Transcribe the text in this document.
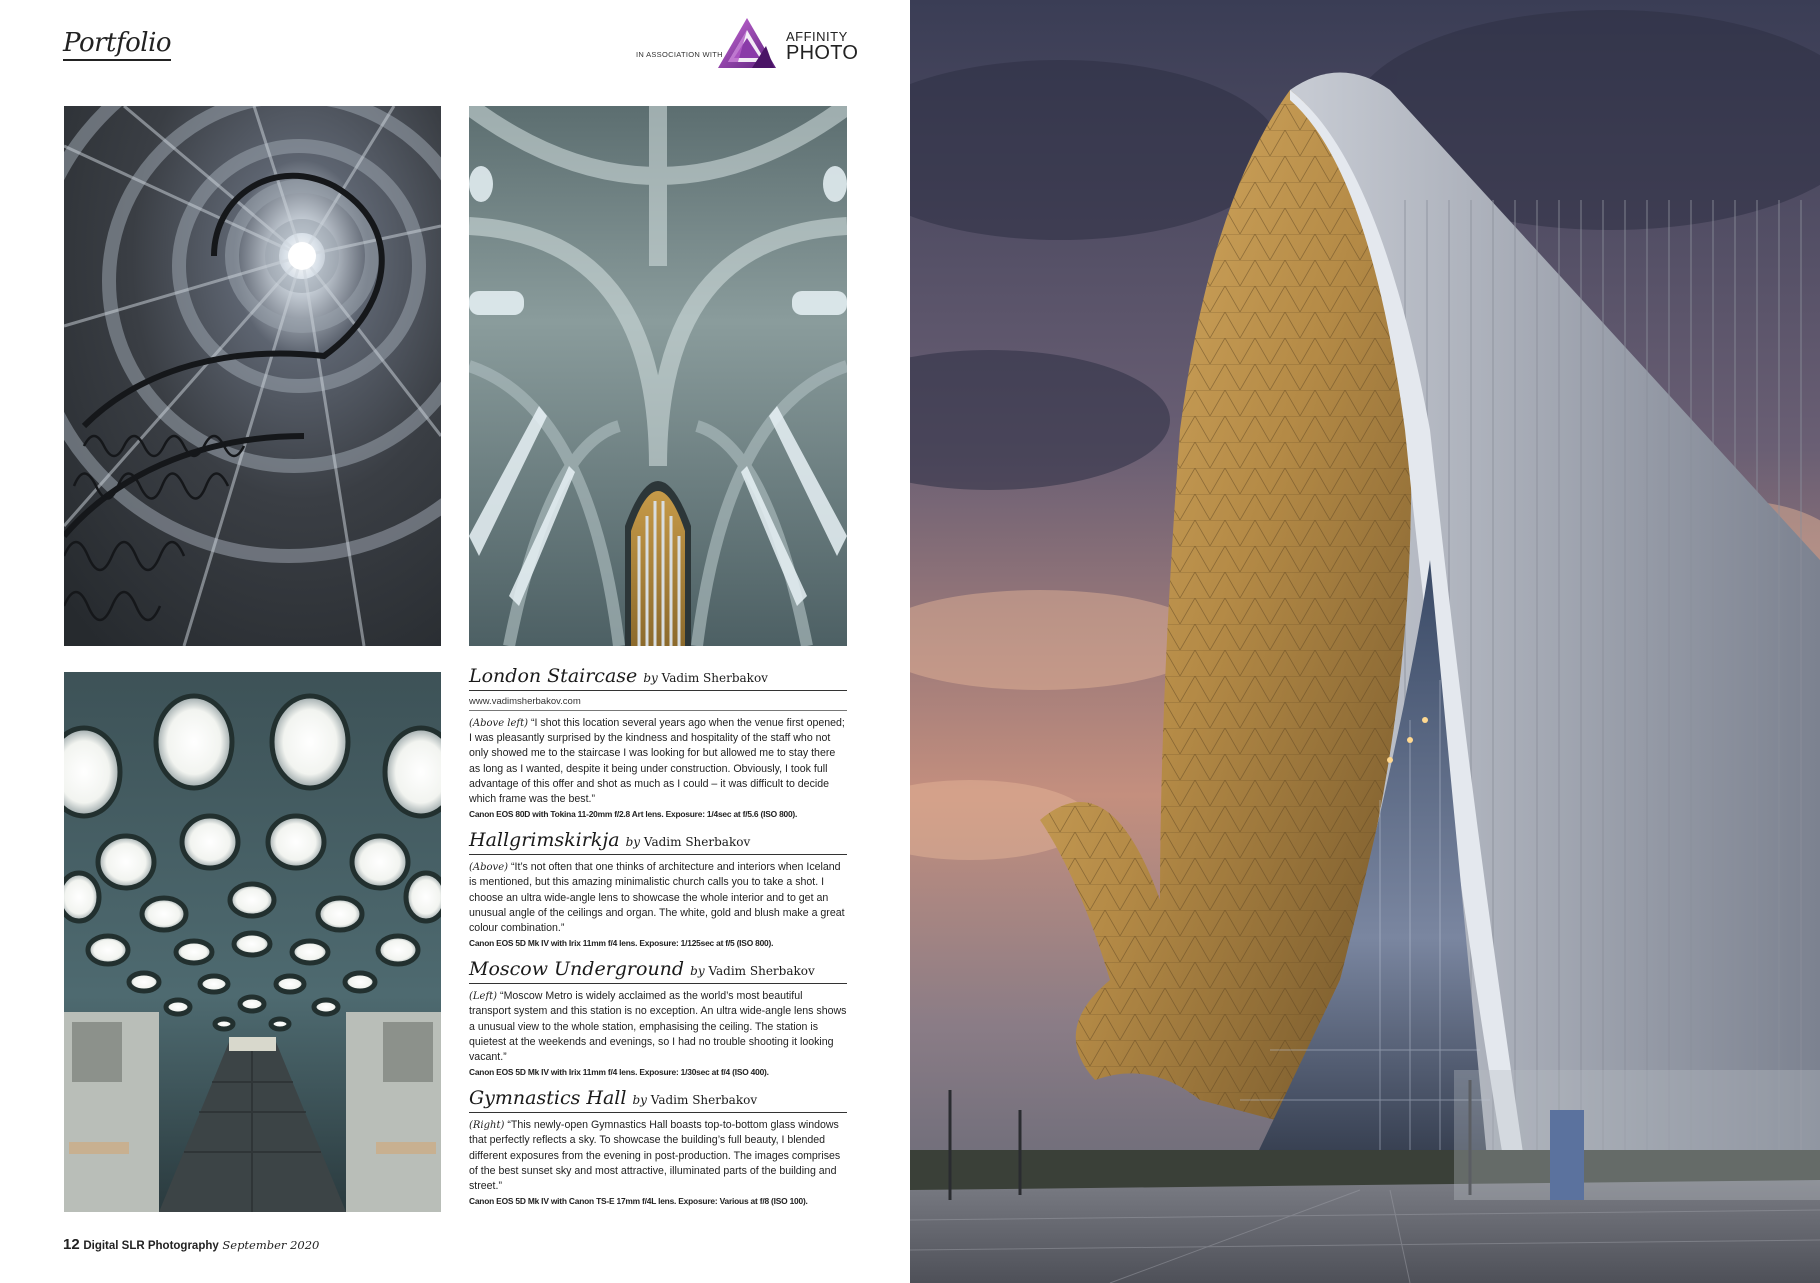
Portfolio	IN ASSOCIATION WITH
AFFINITY
PHOTO
London Staircase by Vadim Sherbakov
www.vadimsherbakov.com

(Above left) “I shot this location several years ago when the venue first opened; I was pleasantly surprised by the kindness and hospitality of the staff who not only showed me to the staircase I was looking for but allowed me to stay there as long as I wanted, despite it being under construction. Obviously, I took full advantage of this offer and shot as much as I could – it was difficult to decide which frame was the best.”

Canon EOS 80D with Tokina 11-20mm f/2.8 Art lens. Exposure: 1/4sec at f/5.6 (ISO 800).
Hallgrimskirkja by Vadim Sherbakov

(Above) “It’s not often that one thinks of architecture and interiors when Iceland is mentioned, but this amazing minimalistic church calls you to take a shot. I choose an ultra wide-angle lens to showcase the whole interior and to get an unusual angle of the ceilings and organ. The white, gold and blush make a great colour combination.”

Canon EOS 5D Mk IV with Irix 11mm f/4 lens. Exposure: 1/125sec at f/5 (ISO 800).
Moscow Underground by Vadim Sherbakov

(Left) “Moscow Metro is widely acclaimed as the world’s most beautiful transport system and this station is no exception. An ultra wide-angle lens shows a unusual view to the whole station, emphasising the ceiling. The station is quietest at the weekends and evenings, so I had no trouble shooting it looking vacant.”

Canon EOS 5D Mk IV with Irix 11mm f/4 lens. Exposure: 1/30sec at f/4 (ISO 400).
Gymnastics Hall by Vadim Sherbakov

(Right) “This newly-open Gymnastics Hall boasts top-to-bottom glass windows that perfectly reflects a sky. To showcase the building’s full beauty, I blended different exposures from the evening in post-production. The images comprises of the best sunset sky and most attractive, illuminated parts of the building and street.”

Canon EOS 5D Mk IV with Canon TS-E 17mm f/4L lens. Exposure: Various at f/8 (ISO 100).
12 Digital SLR Photography September 2020
